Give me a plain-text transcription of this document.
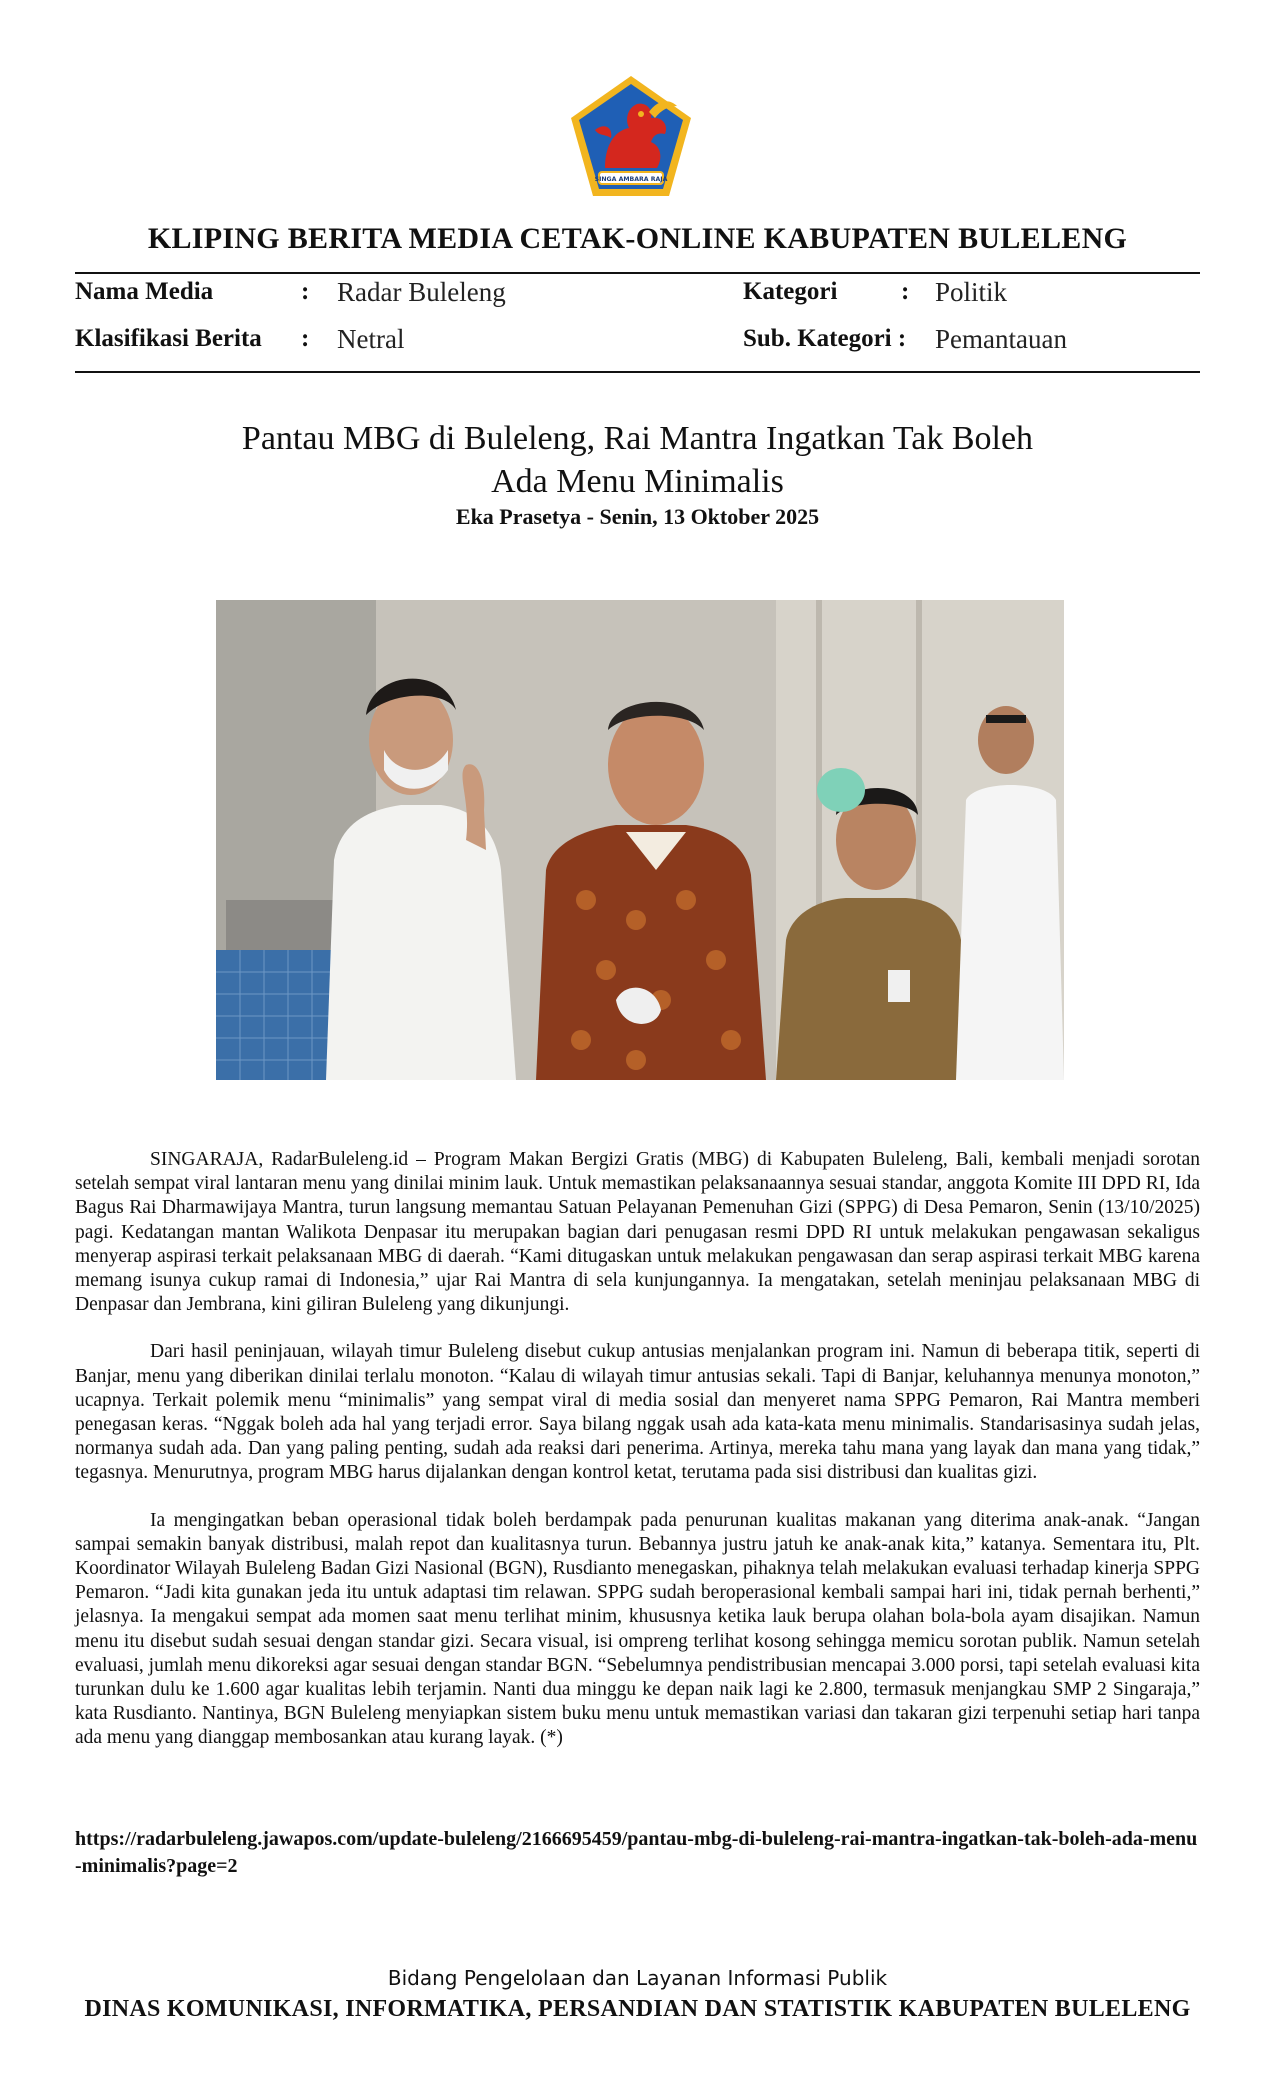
SINGA AMBARA RAJA
KLIPING BERITA MEDIA CETAK-ONLINE KABUPATEN BULELENG
Nama Media	: Radar Buleleng	Kategori	: Politik
Klasifikasi Berita : Netral	Sub. Kategori : Pemantauan
Pantau MBG di Buleleng, Rai Mantra Ingatkan Tak Boleh
Ada Menu Minimalis
Eka Prasetya - Senin, 13 Oktober 2025

SINGARAJA, RadarBuleleng.id – Program Makan Bergizi Gratis (MBG) di Kabupaten Buleleng, Bali, kembali menjadi sorotan setelah sempat viral lantaran menu yang dinilai minim lauk. Untuk memastikan pelaksanaannya sesuai standar, anggota Komite III DPD RI, Ida Bagus Rai Dharmawijaya Mantra, turun langsung memantau Satuan Pelayanan Pemenuhan Gizi (SPPG) di Desa Pemaron, Senin (13/10/2025) pagi. Kedatangan mantan Walikota Denpasar itu merupakan bagian dari penugasan resmi DPD RI untuk melakukan pengawasan sekaligus menyerap aspirasi terkait pelaksanaan MBG di daerah. “Kami ditugaskan untuk melakukan pengawasan dan serap aspirasi terkait MBG karena memang isunya cukup ramai di Indonesia,” ujar Rai Mantra di sela kunjungannya. Ia mengatakan, setelah meninjau pelaksanaan MBG di Denpasar dan Jembrana, kini giliran Buleleng yang dikunjungi.

Dari hasil peninjauan, wilayah timur Buleleng disebut cukup antusias menjalankan program ini. Namun di beberapa titik, seperti di Banjar, menu yang diberikan dinilai terlalu monoton. “Kalau di wilayah timur antusias sekali. Tapi di Banjar, keluhannya menunya monoton,” ucapnya. Terkait polemik menu “minimalis” yang sempat viral di media sosial dan menyeret nama SPPG Pemaron, Rai Mantra memberi penegasan keras. “Nggak boleh ada hal yang terjadi error. Saya bilang nggak usah ada kata-kata menu minimalis. Standarisasinya sudah jelas, normanya sudah ada. Dan yang paling penting, sudah ada reaksi dari penerima. Artinya, mereka tahu mana yang layak dan mana yang tidak,” tegasnya. Menurutnya, program MBG harus dijalankan dengan kontrol ketat, terutama pada sisi distribusi dan kualitas gizi.

Ia mengingatkan beban operasional tidak boleh berdampak pada penurunan kualitas makanan yang diterima anak-anak. “Jangan sampai semakin banyak distribusi, malah repot dan kualitasnya turun. Bebannya justru jatuh ke anak-anak kita,” katanya. Sementara itu, Plt. Koordinator Wilayah Buleleng Badan Gizi Nasional (BGN), Rusdianto menegaskan, pihaknya telah melakukan evaluasi terhadap kinerja SPPG Pemaron. “Jadi kita gunakan jeda itu untuk adaptasi tim relawan. SPPG sudah beroperasional kembali sampai hari ini, tidak pernah berhenti,” jelasnya. Ia mengakui sempat ada momen saat menu terlihat minim, khususnya ketika lauk berupa olahan bola-bola ayam disajikan. Namun menu itu disebut sudah sesuai dengan standar gizi. Secara visual, isi ompreng terlihat kosong sehingga memicu sorotan publik. Namun setelah evaluasi, jumlah menu dikoreksi agar sesuai dengan standar BGN. “Sebelumnya pendistribusian mencapai 3.000 porsi, tapi setelah evaluasi kita turunkan dulu ke 1.600 agar kualitas lebih terjamin. Nanti dua minggu ke depan naik lagi ke 2.800, termasuk menjangkau SMP 2 Singaraja,” kata Rusdianto. Nantinya, BGN Buleleng menyiapkan sistem buku menu untuk memastikan variasi dan takaran gizi terpenuhi setiap hari tanpa ada menu yang dianggap membosankan atau kurang layak. (*)

https://radarbuleleng.jawapos.com/update-buleleng/2166695459/pantau-mbg-di-buleleng-rai-mantra-ingatkan-tak-boleh-ada-menu-minimalis?page=2
Bidang Pengelolaan dan Layanan Informasi Publik
DINAS KOMUNIKASI, INFORMATIKA, PERSANDIAN DAN STATISTIK KABUPATEN BULELENG
